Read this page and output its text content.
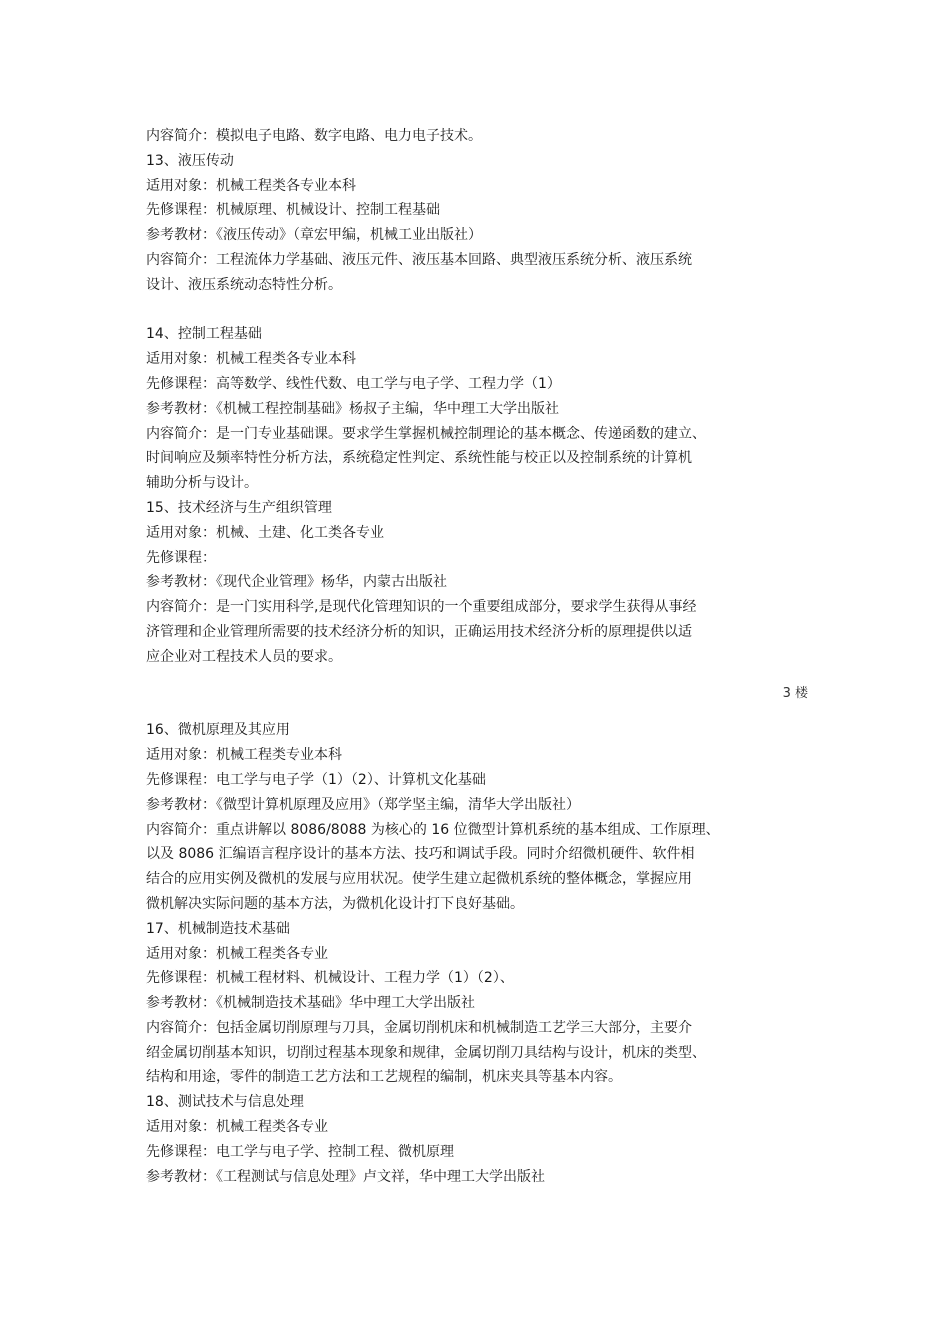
内容简介：模拟电子电路、数字电路、电力电子技术。
13、液压传动
适用对象：机械工程类各专业本科
先修课程：机械原理、机械设计、控制工程基础
参考教材：《液压传动》（章宏甲编，机械工业出版社）
内容简介：工程流体力学基础、液压元件、液压基本回路、典型液压系统分析、液压系统
设计、液压系统动态特性分析。
14、控制工程基础
适用对象：机械工程类各专业本科
先修课程：高等数学、线性代数、电工学与电子学、工程力学（1）
参考教材：《机械工程控制基础》杨叔子主编，华中理工大学出版社
内容简介：是一门专业基础课。要求学生掌握机械控制理论的基本概念、传递函数的建立、
时间响应及频率特性分析方法，系统稳定性判定、系统性能与校正以及控制系统的计算机
辅助分析与设计。
15、技术经济与生产组织管理
适用对象：机械、土建、化工类各专业
先修课程：
参考教材：《现代企业管理》杨华，内蒙古出版社
内容简介：是一门实用科学,是现代化管理知识的一个重要组成部分，要求学生获得从事经
济管理和企业管理所需要的技术经济分析的知识，正确运用技术经济分析的原理提供以适
应企业对工程技术人员的要求。
3 楼
16、微机原理及其应用
适用对象：机械工程类专业本科
先修课程：电工学与电子学（1）（2）、计算机文化基础
参考教材：《微型计算机原理及应用》（郑学坚主编，清华大学出版社）
内容简介：重点讲解以 8086/8088 为核心的 16 位微型计算机系统的基本组成、工作原理、
以及 8086 汇编语言程序设计的基本方法、技巧和调试手段。同时介绍微机硬件、软件相
结合的应用实例及微机的发展与应用状况。使学生建立起微机系统的整体概念，掌握应用
微机解决实际问题的基本方法，为微机化设计打下良好基础。
17、机械制造技术基础
适用对象：机械工程类各专业
先修课程：机械工程材料、机械设计、工程力学（1）（2）、
参考教材：《机械制造技术基础》华中理工大学出版社
内容简介：包括金属切削原理与刀具，金属切削机床和机械制造工艺学三大部分，主要介
绍金属切削基本知识，切削过程基本现象和规律，金属切削刀具结构与设计，机床的类型、
结构和用途，零件的制造工艺方法和工艺规程的编制，机床夹具等基本内容。
18、测试技术与信息处理
适用对象：机械工程类各专业
先修课程：电工学与电子学、控制工程、微机原理
参考教材：《工程测试与信息处理》卢文祥，华中理工大学出版社
